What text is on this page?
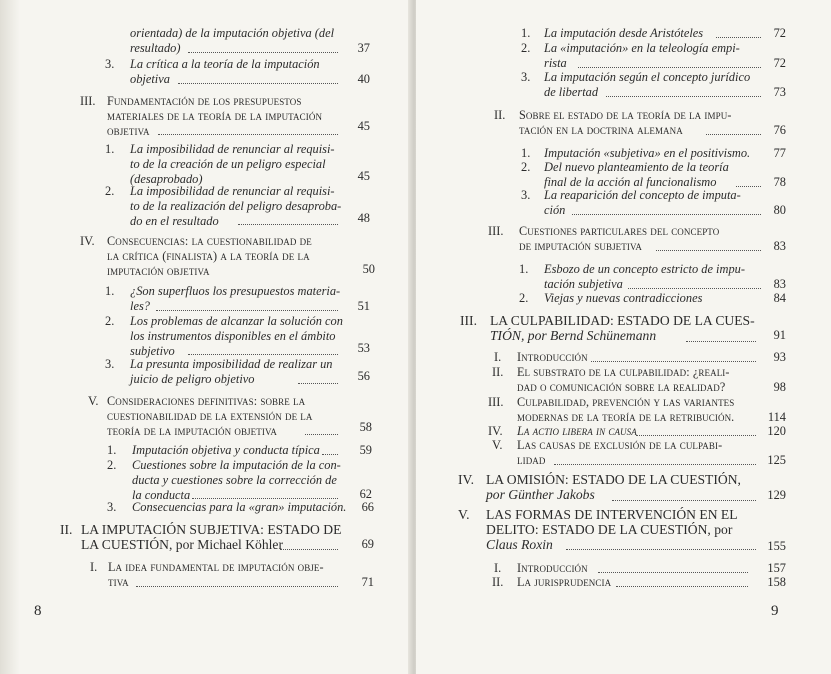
orientada) de la imputación objetiva (del
resultado)	37
3. La crítica a la teoría de la imputación
objetiva	40
III. Fundamentación de los presupuestos
materiales de la teoría de la imputación
objetiva	45
1. La imposibilidad de renunciar al requisi-
to de la creación de un peligro especial
(desaprobado)	45
2. La imposibilidad de renunciar al requisi-
to de la realización del peligro desaproba-
do en el resultado	48
IV. Consecuencias: la cuestionabilidad de
la crítica (finalista) a la teoría de la
imputación objetiva	50
1. ¿Son superfluos los presupuestos materia-
les?	51
2. Los problemas de alcanzar la solución con
los instrumentos disponibles en el ámbito
subjetivo	53
3. La presunta imposibilidad de realizar un
juicio de peligro objetivo	56
V. Consideraciones definitivas: sobre la
cuestionabilidad de la extensión de la
teoría de la imputación objetiva	58
1. Imputación objetiva y conducta típica	59
2. Cuestiones sobre la imputación de la con-
ducta y cuestiones sobre la corrección de
la conducta	62
3. Consecuencias para la «gran» imputación.	66
II. LA IMPUTACIÓN SUBJETIVA: ESTADO DE
LA CUESTIÓN, por Michael Köhler	69
I. La idea fundamental de imputación obje-
tiva	71
8
1. La imputación desde Aristóteles	72
2. La «imputación» en la teleología empi-
rista	72
3. La imputación según el concepto jurídico
de libertad	73
II. Sobre el estado de la teoría de la impu-
tación en la doctrina alemana	76
1. Imputación «subjetiva» en el positivismo.	77
2. Del nuevo planteamiento de la teoría
final de la acción al funcionalismo	78
3. La reaparición del concepto de imputa-
ción	80
III. Cuestiones particulares del concepto
de imputación subjetiva	83
1. Esbozo de un concepto estricto de impu-
tación subjetiva	83
2. Viejas y nuevas contradicciones	84
III. LA CULPABILIDAD: ESTADO DE LA CUES-
TIÓN, por Bernd Schünemann	91
I. Introducción	93
II. El substrato de la culpabilidad: ¿reali-
dad o comunicación sobre la realidad?	98
III. Culpabilidad, prevención y las variantes
modernas de la teoría de la retribución.	114
IV. La actio libera in causa	120
V. Las causas de exclusión de la culpabi-
lidad	125
IV. LA OMISIÓN: ESTADO DE LA CUESTIÓN,
por Günther Jakobs	129
V. LAS FORMAS DE INTERVENCIÓN EN EL
DELITO: ESTADO DE LA CUESTIÓN, por
Claus Roxin	155
I. Introducción	157
II. La jurisprudencia	158
9
